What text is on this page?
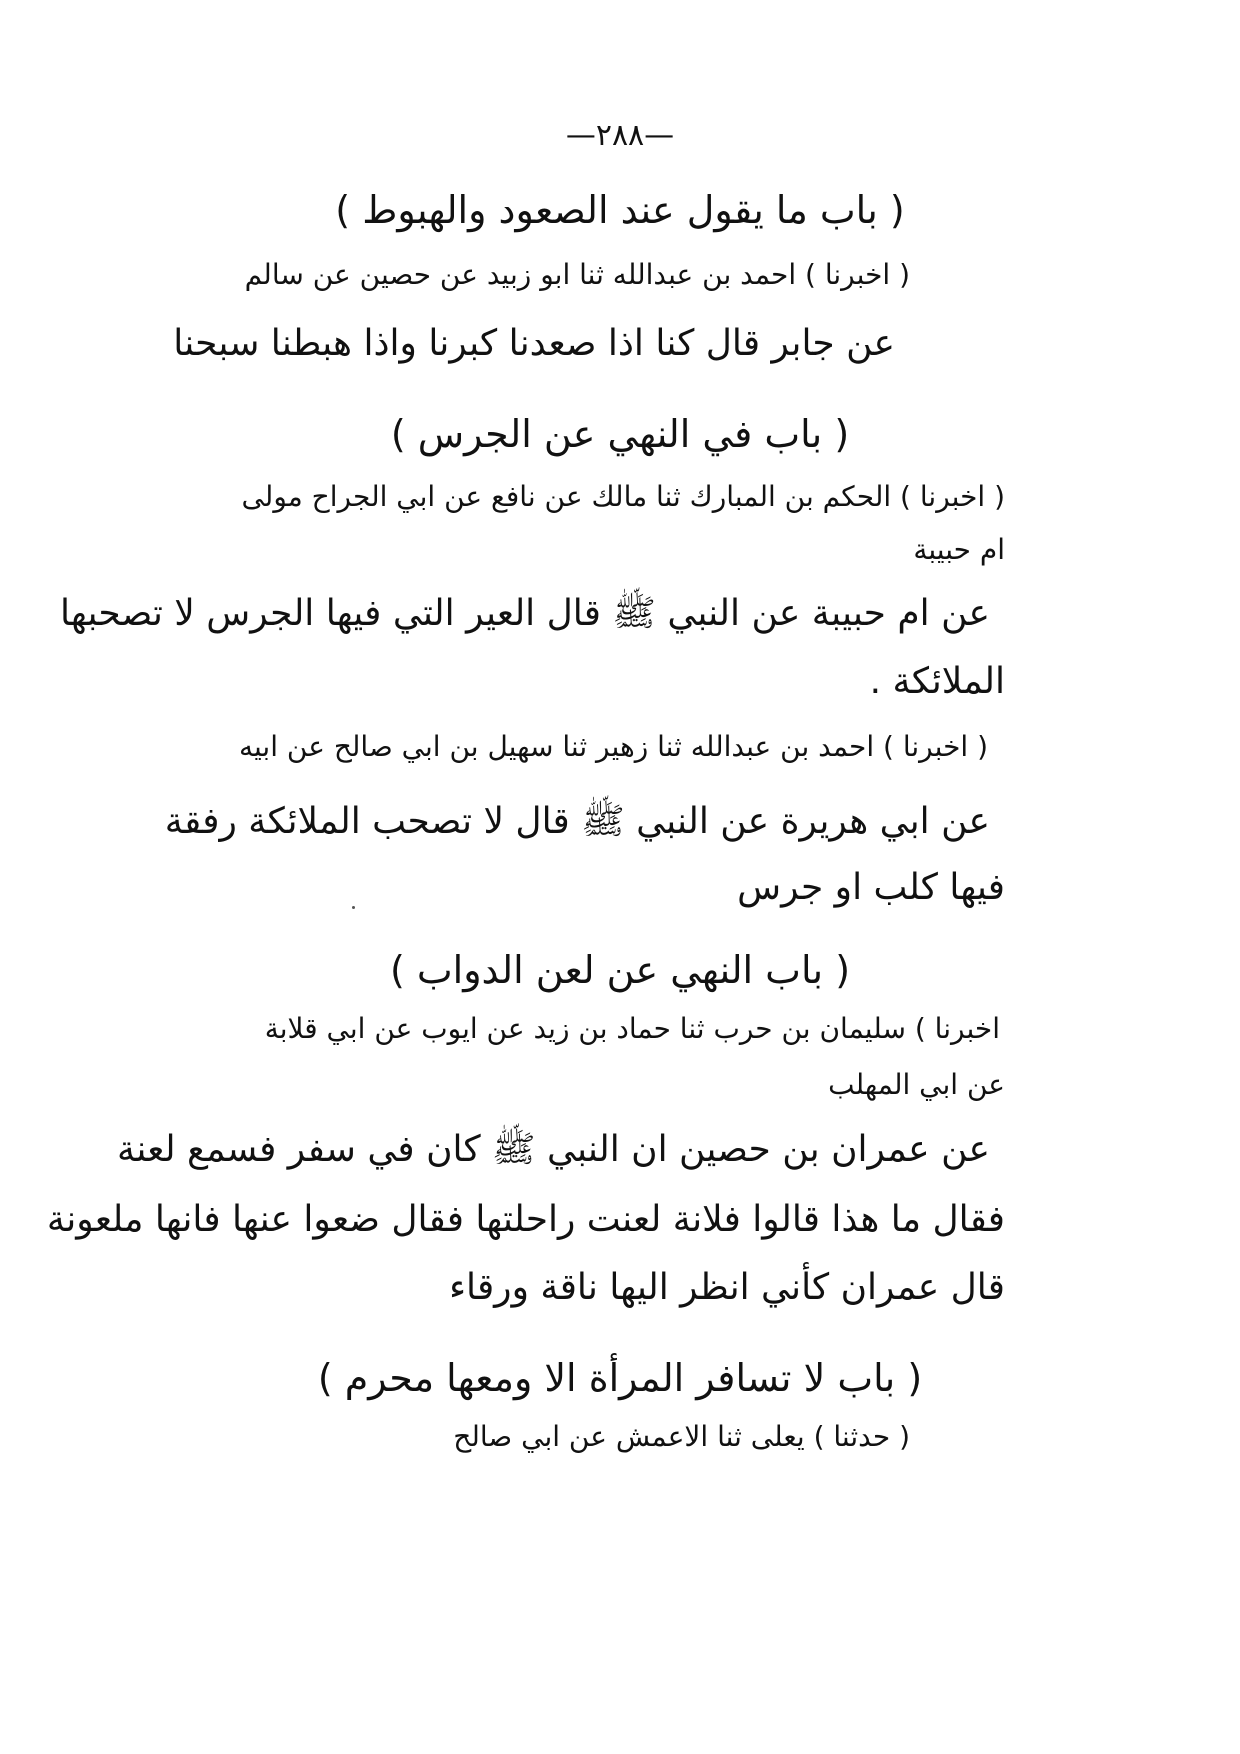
—٢٨٨—
( باب ما يقول عند الصعود والهبوط )
( اخبرنا ) احمد بن عبدالله ثنا ابو زبيد عن حصين عن سالم
عن جابر قال كنا اذا صعدنا كبرنا واذا هبطنا سبحنا
( باب في النهي عن الجرس )
( اخبرنا ) الحكم بن المبارك ثنا مالك عن نافع عن ابي الجراح مولى
ام حبيبة
عن ام حبيبة عن النبي ﷺ قال العير التي فيها الجرس لا تصحبها
الملائكة .
( اخبرنا ) احمد بن عبدالله ثنا زهير ثنا سهيل بن ابي صالح عن ابيه
عن ابي هريرة عن النبي ﷺ قال لا تصحب الملائكة رفقة
فيها كلب او جرس
( باب النهي عن لعن الدواب )
اخبرنا ) سليمان بن حرب ثنا حماد بن زيد عن ايوب عن ابي قلابة
عن ابي المهلب
عن عمران بن حصين ان النبي ﷺ كان في سفر فسمع لعنة
فقال ما هذا قالوا فلانة لعنت راحلتها فقال ضعوا عنها فانها ملعونة
قال عمران كأني انظر اليها ناقة ورقاء
( باب لا تسافر المرأة الا ومعها محرم )
( حدثنا ) يعلى ثنا الاعمش عن ابي صالح
